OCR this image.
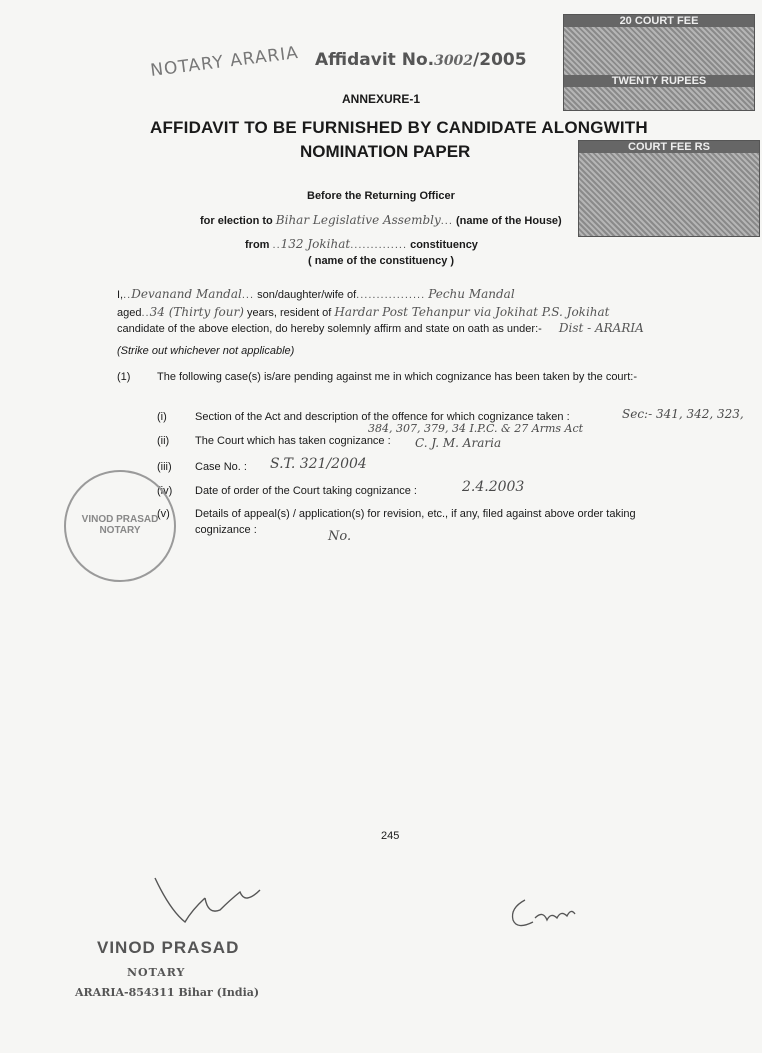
NOTARY ARARIA Affidavit No.3002/2005
ANNEXURE-1
AFFIDAVIT TO BE FURNISHED BY CANDIDATE ALONGWITH
NOMINATION PAPER
20 COURT FEE
TWENTY RUPEES
COURT FEE RS
Before the Returning Officer
for election to Bihar Legislative Assembly... (name of the House)
from ..132 Jokihat.............. constituency
( name of the constituency )
I,..Devanand Mandal... son/daughter/wife of................. Pechu Mandal
aged..34 (Thirty four) years, resident of Hardar Post Tehanpur via Jokihat P.S. Jokihat
candidate of the above election, do hereby solemnly affirm and state on oath as under:- Dist - ARARIA
(Strike out whichever not applicable)
(1) The following case(s) is/are pending against me in which cognizance has been taken by the court:-
(i)	Section of the Act and description of the offence for which cognizance taken :	Sec:- 341, 342, 323,
384, 307, 379, 34 I.P.C. & 27 Arms Act
(ii) The Court which has taken cognizance : C. J. M. Araria
(iii) Case No. : S.T. 321/2004
(iv) Date of order of the Court taking cognizance :	2.4.2003
(v) Details of appeal(s) / application(s) for revision, etc., if any, filed against above order taking cognizance :	No.
VINOD PRASAD NOTARY
245
VINOD PRASAD
NOTARY
ARARIA-854311 Bihar (India)
